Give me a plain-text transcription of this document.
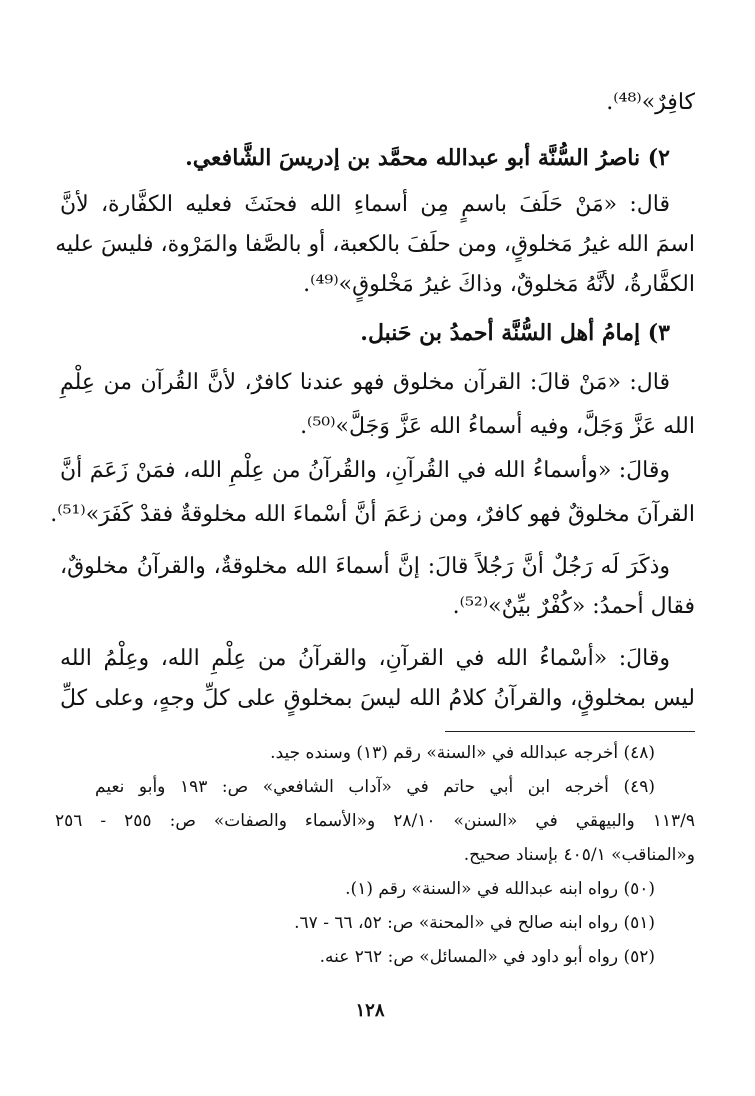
كافِرٌ»⁽⁴⁸⁾.
٢) ناصرُ السُّنَّة أبو عبدالله محمَّد بن إدريسَ الشَّافعي.
قال: «مَنْ حَلَفَ باسمٍ مِن أسماءِ الله فحنَثَ فعليه الكفَّارة، لأنَّ
اسمَ الله غيرُ مَخلوقٍ، ومن حلَفَ بالكعبة، أو بالصَّفا والمَرْوة، فليسَ عليه
الكفَّارةُ، لأنَّهُ مَخلوقٌ، وذاكَ غيرُ مَخْلوقٍ»⁽⁴⁹⁾.
٣) إمامُ أهل السُّنَّة أحمدُ بن حَنبل.
قال: «مَنْ قالَ: القرآن مخلوق فهو عندنا كافرٌ، لأنَّ القُرآن من عِلْمِ
الله عَزَّ وَجَلَّ، وفيه أسماءُ الله عَزَّ وَجَلَّ»⁽⁵⁰⁾.
وقالَ: «وأسماءُ الله في القُرآنِ، والقُرآنُ من عِلْمِ الله، فمَنْ زَعَمَ أنَّ
القرآنَ مخلوقٌ فهو كافرٌ، ومن زعَمَ أنَّ أسْماءَ الله مخلوقةٌ فقدْ كَفَرَ»⁽⁵¹⁾.
وذكَرَ لَه رَجُلٌ أنَّ رَجُلاً قالَ: إنَّ أسماءَ الله مخلوقةٌ، والقرآنُ مخلوقٌ،
فقال أحمدُ: «كُفْرٌ بيِّنٌ»⁽⁵²⁾.
وقالَ: «أسْماءُ الله في القرآنِ، والقرآنُ من عِلْمِ الله، وعِلْمُ الله
ليس بمخلوقٍ، والقرآنُ كلامُ الله ليسَ بمخلوقٍ على كلِّ وجهٍ، وعلى كلِّ
(٤٨) أخرجه عبدالله في «السنة» رقم (١٣) وسنده جيد.
(٤٩) أخرجه ابن أبي حاتم في «آداب الشافعي» ص: ١٩٣ وأبو نعيم
١١٣/٩ والبيهقي في «السنن» ٢٨/١٠ و«الأسماء والصفات» ص: ٢٥٥ - ٢٥٦
و«المناقب» ٤٠٥/١ بإسناد صحيح.
(٥٠) رواه ابنه عبدالله في «السنة» رقم (١).
(٥١) رواه ابنه صالح في «المحنة» ص: ٥٢، ٦٦ - ٦٧.
(٥٢) رواه أبو داود في «المسائل» ص: ٢٦٢ عنه.
١٢٨
